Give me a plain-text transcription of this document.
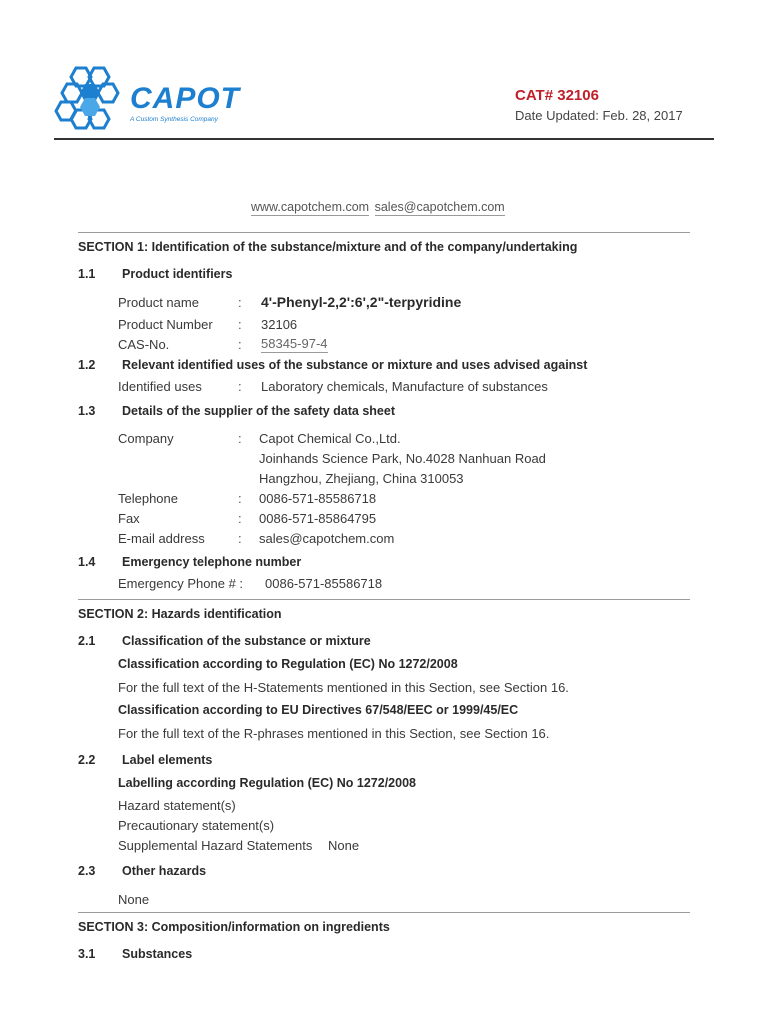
CAPOT
A Custom Synthesis Company
CAT# 32106
Date Updated: Feb. 28, 2017
www.capotchem.com sales@capotchem.com
SECTION 1: Identification of the substance/mixture and of the company/undertaking
1.1 Product identifiers
Product name	: 4'-Phenyl-2,2':6',2"-terpyridine
Product Number : 32106
CAS-No.	: 58345-97-4
1.2 Relevant identified uses of the substance or mixture and uses advised against
Identified uses	: Laboratory chemicals, Manufacture of substances
1.3 Details of the supplier of the safety data sheet
Company	: Capot Chemical Co.,Ltd.
Joinhands Science Park, No.4028 Nanhuan Road
Hangzhou, Zhejiang, China 310053
Telephone	: 0086-571-85586718
Fax	: 0086-571-85864795
E-mail address	: sales@capotchem.com
1.4 Emergency telephone number
Emergency Phone # : 0086-571-85586718
SECTION 2: Hazards identification
2.1 Classification of the substance or mixture
Classification according to Regulation (EC) No 1272/2008
For the full text of the H-Statements mentioned in this Section, see Section 16.
Classification according to EU Directives 67/548/EEC or 1999/45/EC
For the full text of the R-phrases mentioned in this Section, see Section 16.
2.2 Label elements
Labelling according Regulation (EC) No 1272/2008
Hazard statement(s)
Precautionary statement(s)
Supplemental Hazard Statements None
2.3 Other hazards
None
SECTION 3: Composition/information on ingredients
3.1 Substances
